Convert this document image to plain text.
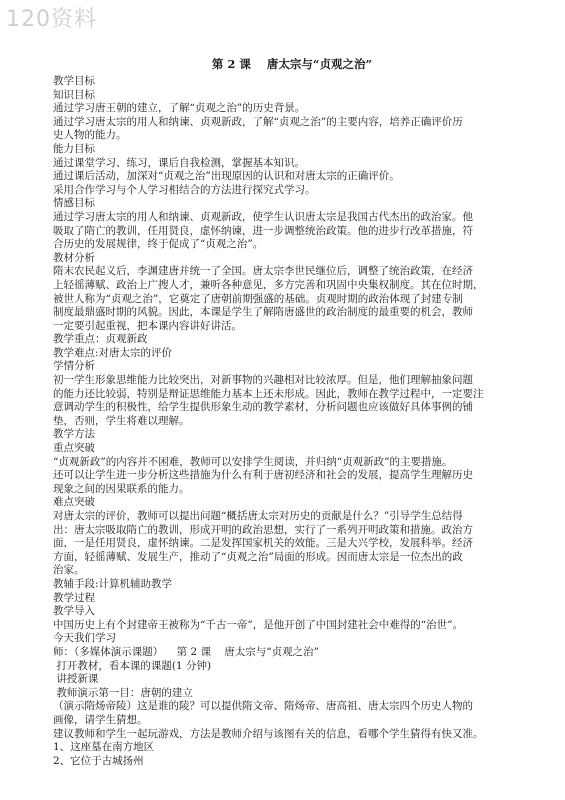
120资料
第 2 课    唐太宗与“贞观之治”
教学目标
知识目标
通过学习唐王朝的建立，了解“贞观之治”的历史背景。
通过学习唐太宗的用人和纳谏、贞观新政，了解“贞观之治”的主要内容，培养正确评价历
史人物的能力。
能力目标
通过课堂学习、练习，课后自我检测，掌握基本知识。
通过课后活动，加深对“贞观之治”出现原因的认识和对唐太宗的正确评价。
采用合作学习与个人学习相结合的方法进行探究式学习。
情感目标
通过学习唐太宗的用人和纳谏、贞观新政，使学生认识唐太宗是我国古代杰出的政治家。他
吸取了隋亡的教训，任用贤良，虚怀纳谏，进一步调整统治政策。他的进步行改革措施，符
合历史的发展规律，终于促成了“贞观之治”。
教材分析
隋末农民起义后，李渊建唐并统一了全国。唐太宗李世民继位后，调整了统治政策，在经济
上轻徭薄赋、政治上广搜人才，兼听各种意见，多方完善和巩固中央集权制度。其在位时期，
被世人称为“贞观之治”，它奠定了唐朝前期强盛的基础。贞观时期的政治体现了封建专制
制度最鼎盛时期的风貌。因此，本课是学生了解隋唐盛世的政治制度的最重要的机会，教师
一定要引起重视，把本课内容讲好讲活。
教学重点：贞观新政
教学难点:对唐太宗的评价
学情分析
初一学生形象思维能力比较突出，对新事物的兴趣相对比较浓厚。但是，他们理解抽象问题
的能力还比较弱，特别是辩证思维能力基本上还未形成。因此，教师在教学过程中，一定要注
意调动学生的积极性，给学生提供形象生动的教学素材，分析问题也应该做好具体事例的铺
垫，否则，学生将难以理解。
教学方法
重点突破
“贞观新政”的内容并不困难，教师可以安排学生阅读，并归纳“贞观新政”的主要措施。
还可以让学生进一步分析这些措施为什么有利于唐初经济和社会的发展，提高学生理解历史
现象之间的因果联系的能力。
难点突破
对唐太宗的评价，教师可以提出问题“概括唐太宗对历史的贡献是什么？”引导学生总结得
出：唐太宗吸取隋亡的教训，形成开明的政治思想，实行了一系列开明政策和措施。政治方
面，一是任用贤良，虚怀纳谏。二是发挥国家机关的效能。三是大兴学校，发展科举。经济
方面，轻徭薄赋、发展生产，推动了“贞观之治”局面的形成。因而唐太宗是一位杰出的政
治家。
教辅手段:计算机辅助教学
教学过程
教学导入
中国历史上有个封建帝王被称为“千古一帝”，是他开创了中国封建社会中难得的“治世”。
今天我们学习
师：（多媒体演示课题）    第 2 课    唐太宗与“贞观之治”
打开教材，看本课的课题(1 分钟)
讲授新课
教师演示第一目：唐朝的建立
（演示隋炀帝陵）这是谁的陵？可以提供隋文帝、隋炀帝、唐高祖、唐太宗四个历史人物的
画像，请学生猜想。
建议教师和学生一起玩游戏，方法是教师介绍与该图有关的信息，看哪个学生猜得有快又准。
1、这座墓在南方地区
2、它位于古城扬州
